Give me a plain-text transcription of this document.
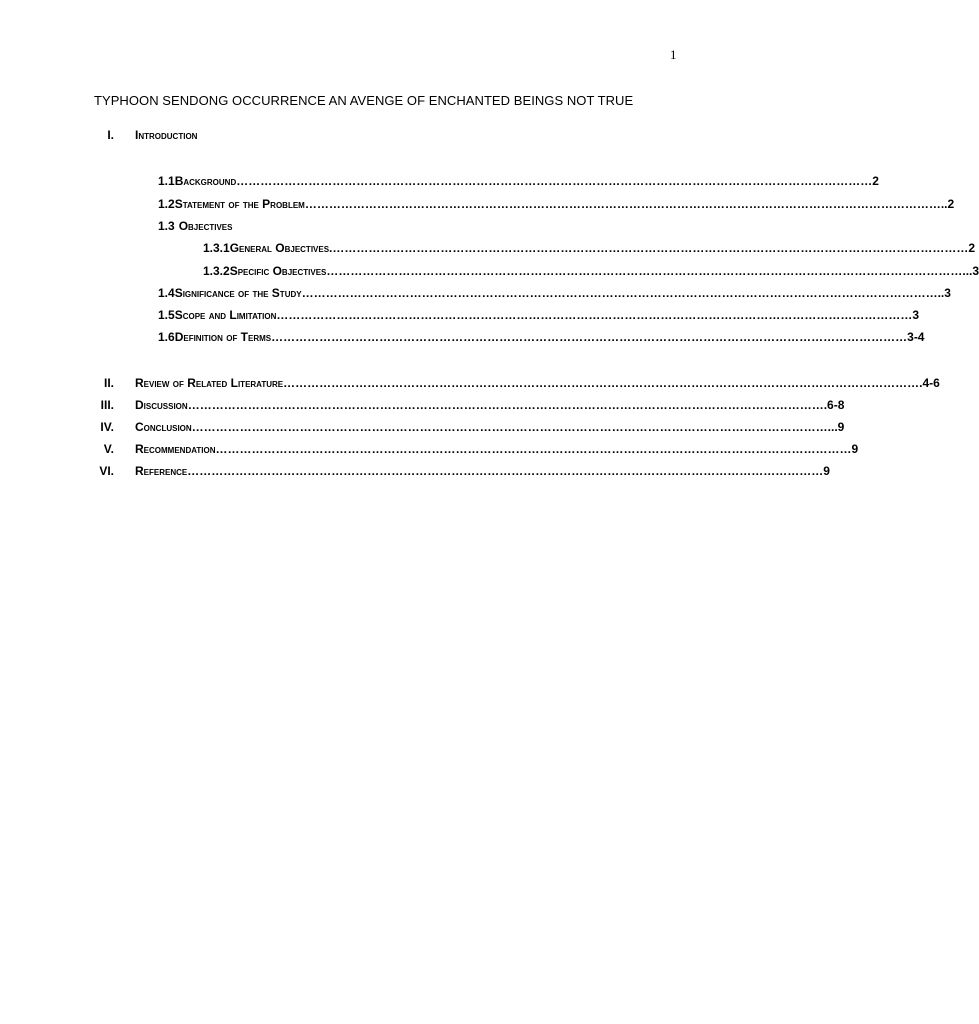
1
TYPHOON SENDONG OCCURRENCE AN AVENGE OF ENCHANTED BEINGS NOT TRUE
I. Introduction
1.1 Background …………………………………………………………………………………………………………………………………………… 2
1.2 Statement of the Problem …………………………………………………………………………………………………………………………………………… ..2
1.3 Objectives
1.3.1 General Objectives. …………………………………………………………………………………………………………………………………………… 2
1.3.2 Specific Objectives …………………………………………………………………………………………………………………………………………… ...3
1.4 Significance of the Study …………………………………………………………………………………………………………………………………………… ..3
1.5 Scope and Limitation …………………………………………………………………………………………………………………………………………… 3
1.6 Definition of Terms …………………………………………………………………………………………………………………………………………… 3-4
II. Review of Related Literature …………………………………………………………………………………………………………………………………………… .4-6
III. Discussion …………………………………………………………………………………………………………………………………………… .6-8
IV. Conclusion …………………………………………………………………………………………………………………………………………… ...9
V. Recommendation …………………………………………………………………………………………………………………………………………… 9
VI. Reference …………………………………………………………………………………………………………………………………………… 9
